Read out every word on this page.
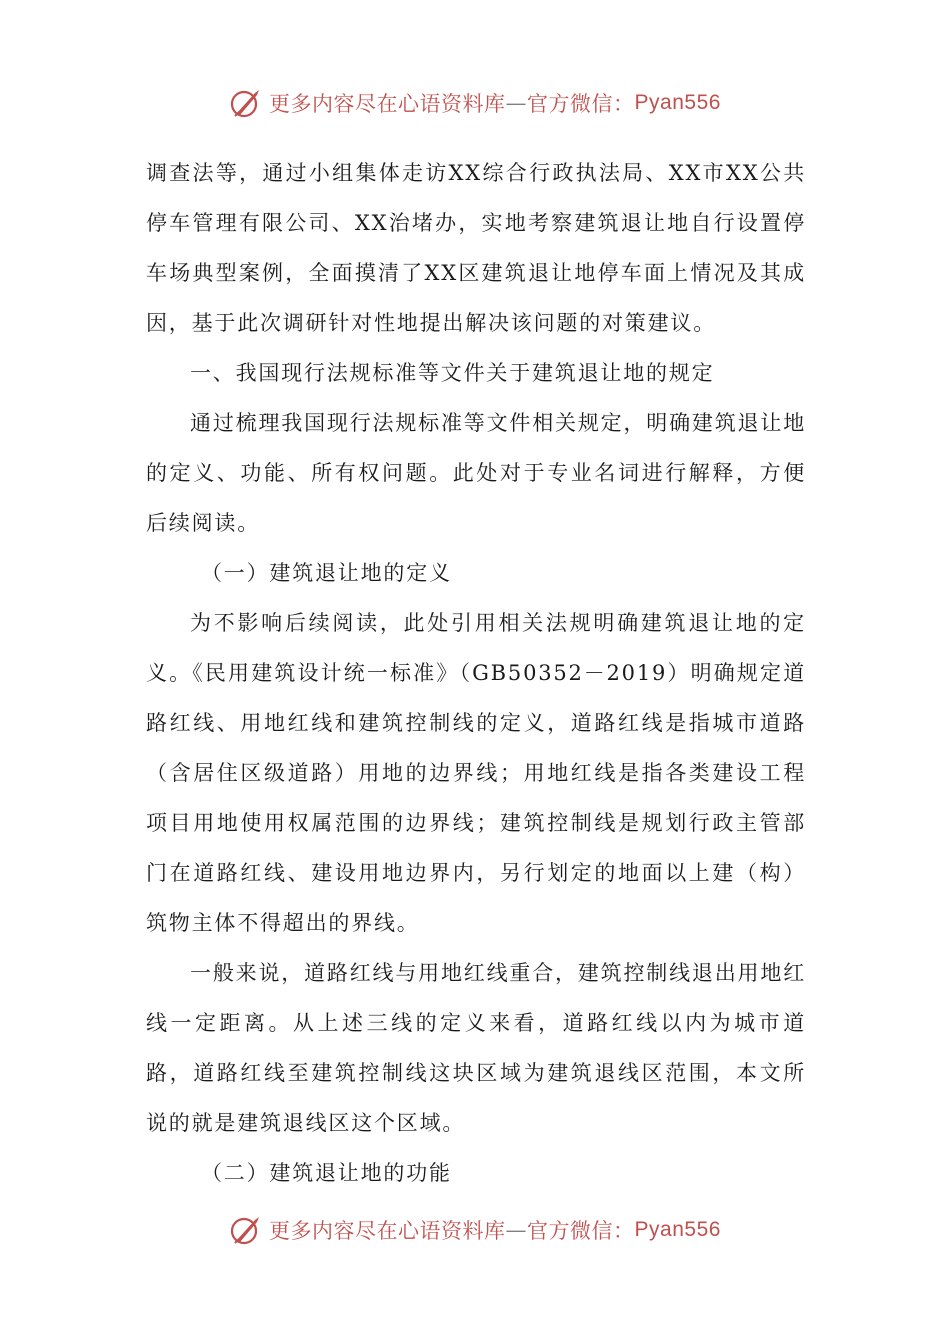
更多内容尽在心语资料库 — 官方微信： Pyan556

调查法等，通过小组集体走访XX综合行政执法局、XX市XX公共停车管理有限公司、XX治堵办，实地考察建筑退让地自行设置停车场典型案例，全面摸清了XX区建筑退让地停车面上情况及其成因，基于此次调研针对性地提出解决该问题的对策建议。

一、我国现行法规标准等文件关于建筑退让地的规定

通过梳理我国现行法规标准等文件相关规定，明确建筑退让地的定义、功能、所有权问题。此处对于专业名词进行解释，方便后续阅读。

（一）建筑退让地的定义

为不影响后续阅读，此处引用相关法规明确建筑退让地的定义。《民用建筑设计统一标准》（GB50352－2019）明确规定道路红线、用地红线和建筑控制线的定义，道路红线是指城市道路（含居住区级道路）用地的边界线；用地红线是指各类建设工程项目用地使用权属范围的边界线；建筑控制线是规划行政主管部门在道路红线、建设用地边界内，另行划定的地面以上建（构）筑物主体不得超出的界线。

一般来说，道路红线与用地红线重合，建筑控制线退出用地红线一定距离。从上述三线的定义来看，道路红线以内为城市道路，道路红线至建筑控制线这块区域为建筑退线区范围，本文所说的就是建筑退线区这个区域。

（二）建筑退让地的功能

更多内容尽在心语资料库 — 官方微信： Pyan556
